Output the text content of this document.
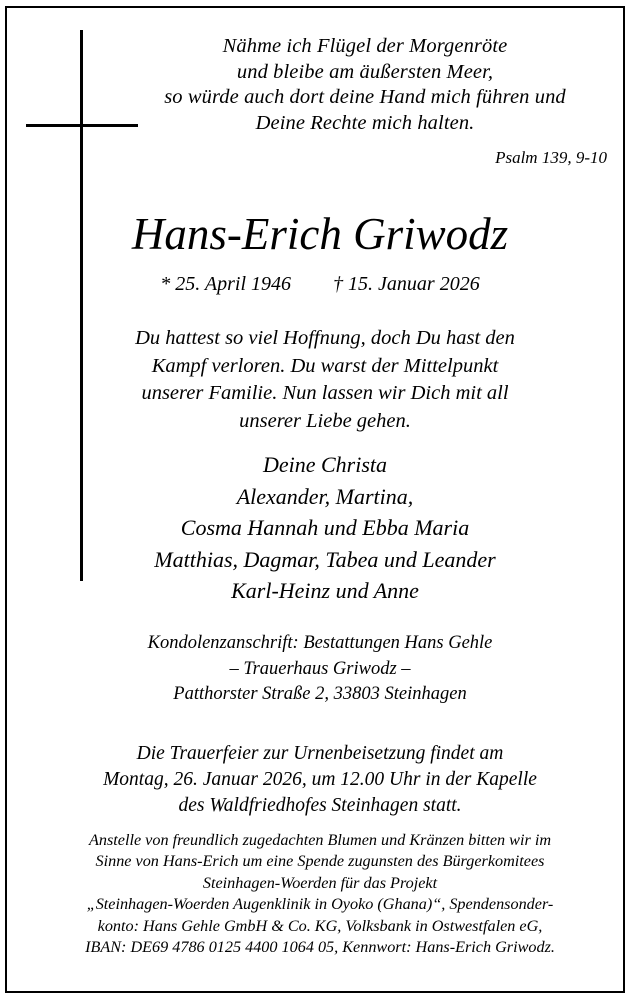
Nähme ich Flügel der Morgenröte
und bleibe am äußersten Meer,
so würde auch dort deine Hand mich führen und
Deine Rechte mich halten.
Psalm 139, 9-10
Hans-Erich Griwodz
* 25. April 1946 † 15. Januar 2026
Du hattest so viel Hoffnung, doch Du hast den
Kampf verloren. Du warst der Mittelpunkt
unserer Familie. Nun lassen wir Dich mit all
unserer Liebe gehen.
Deine Christa
Alexander, Martina,
Cosma Hannah und Ebba Maria
Matthias, Dagmar, Tabea und Leander
Karl-Heinz und Anne
Kondolenzanschrift: Bestattungen Hans Gehle
– Trauerhaus Griwodz –
Patthorster Straße 2, 33803 Steinhagen
Die Trauerfeier zur Urnenbeisetzung findet am
Montag, 26. Januar 2026, um 12.00 Uhr in der Kapelle
des Waldfriedhofes Steinhagen statt.
Anstelle von freundlich zugedachten Blumen und Kränzen bitten wir im
Sinne von Hans-Erich um eine Spende zugunsten des Bürgerkomitees
Steinhagen-Woerden für das Projekt
„Steinhagen-Woerden Augenklinik in Oyoko (Ghana)“, Spendensonder-
konto: Hans Gehle GmbH & Co. KG, Volksbank in Ostwestfalen eG,
IBAN: DE69 4786 0125 4400 1064 05, Kennwort: Hans-Erich Griwodz.
